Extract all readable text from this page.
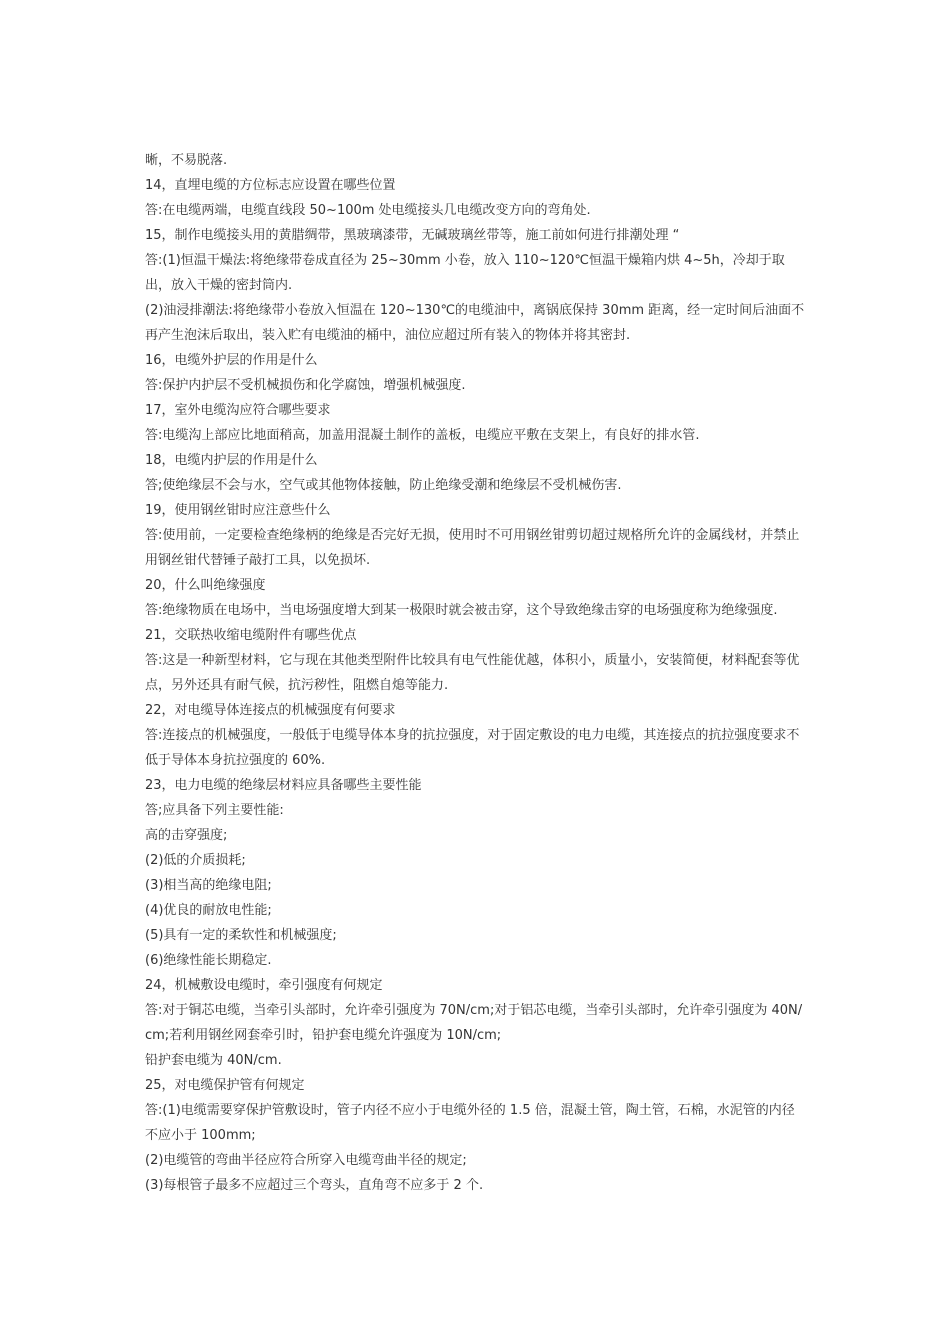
晰，不易脱落.

14，直埋电缆的方位标志应设置在哪些位置

答:在电缆两端，电缆直线段 50~100m 处电缆接头几电缆改变方向的弯角处.

15，制作电缆接头用的黄腊绸带，黑玻璃漆带，无碱玻璃丝带等，施工前如何进行排潮处理 “

答:(1)恒温干燥法:将绝缘带卷成直径为 25~30mm 小卷，放入 110~120℃恒温干燥箱内烘 4~5h，冷却于取出，放入干燥的密封筒内.

(2)油浸排潮法:将绝缘带小卷放入恒温在 120~130℃的电缆油中，离锅底保持 30mm 距离，经一定时间后油面不再产生泡沫后取出，装入贮有电缆油的桶中，油位应超过所有装入的物体并将其密封.

16，电缆外护层的作用是什么

答:保护内护层不受机械损伤和化学腐蚀，增强机械强度.

17，室外电缆沟应符合哪些要求

答:电缆沟上部应比地面稍高，加盖用混凝土制作的盖板，电缆应平敷在支架上，有良好的排水管.

18，电缆内护层的作用是什么

答;使绝缘层不会与水，空气或其他物体接触，防止绝缘受潮和绝缘层不受机械伤害.

19，使用钢丝钳时应注意些什么

答:使用前，一定要检查绝缘柄的绝缘是否完好无损，使用时不可用钢丝钳剪切超过规格所允许的金属线材，并禁止用钢丝钳代替锤子敲打工具，以免损坏.

20，什么叫绝缘强度

答:绝缘物质在电场中，当电场强度增大到某一极限时就会被击穿，这个导致绝缘击穿的电场强度称为绝缘强度.

21，交联热收缩电缆附件有哪些优点

答:这是一种新型材料，它与现在其他类型附件比较具有电气性能优越，体积小，质量小，安装简便，材料配套等优点，另外还具有耐气候，抗污秽性，阻燃自熄等能力.

22，对电缆导体连接点的机械强度有何要求

答:连接点的机械强度，一般低于电缆导体本身的抗拉强度，对于固定敷设的电力电缆，其连接点的抗拉强度要求不低于导体本身抗拉强度的 60%.

23，电力电缆的绝缘层材料应具备哪些主要性能

答;应具备下列主要性能:

高的击穿强度;

(2)低的介质损耗;

(3)相当高的绝缘电阻;

(4)优良的耐放电性能;

(5)具有一定的柔软性和机械强度;

(6)绝缘性能长期稳定.

24，机械敷设电缆时，牵引强度有何规定

答:对于铜芯电缆，当牵引头部时，允许牵引强度为 70N/cm;对于铝芯电缆，当牵引头部时，允许牵引强度为 40N/cm;若利用钢丝网套牵引时，铅护套电缆允许强度为 10N/cm;

铅护套电缆为 40N/cm.

25，对电缆保护管有何规定

答:(1)电缆需要穿保护管敷设时，管子内径不应小于电缆外径的 1.5 倍，混凝土管，陶土管，石棉，水泥管的内径不应小于 100mm;

(2)电缆管的弯曲半径应符合所穿入电缆弯曲半径的规定;

(3)每根管子最多不应超过三个弯头，直角弯不应多于 2 个.
